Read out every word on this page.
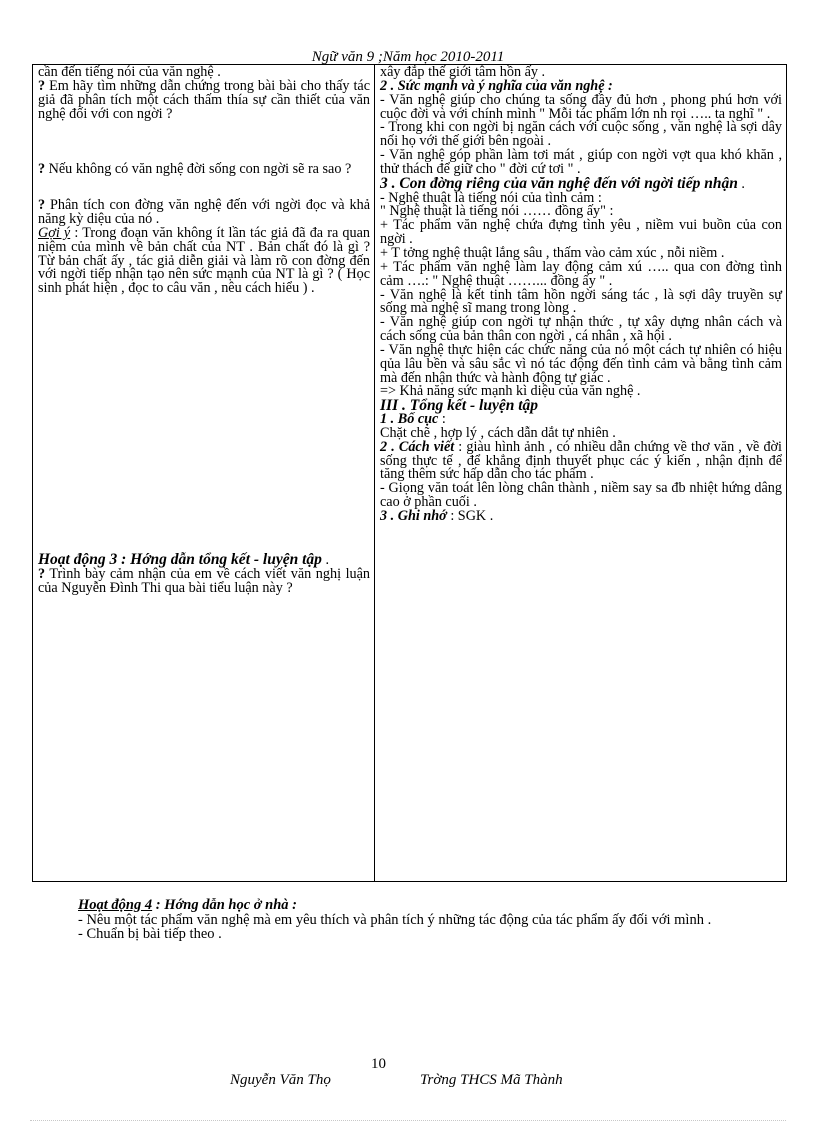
Ngữ văn 9 ;Năm học 2010-2011

cần đến tiếng nói của văn nghệ .

? Em hãy tìm những dẫn chứng trong bài bài cho thấy tác giả đã phân tích một cách thấm thía sự cần thiết của văn nghệ đối với con ngời ?

? Nếu không có văn nghệ đời sống con ngời sẽ ra sao ?

? Phân tích con đờng văn nghệ đến với ngời đọc và khả năng kỳ diệu của nó .

Gợi ý : Trong đoạn văn không ít lần tác giả đã đa ra quan niệm của mình về bản chất của NT . Bản chất đó là gì ? Từ bản chất ấy , tác giả diễn giải và làm rõ con đờng đến với ngời tiếp nhận tạo nên sức mạnh của NT là gì ? ( Học sinh phát hiện , đọc to câu văn , nêu cách hiểu ) .

Hoạt động 3 : Hớng dẫn tổng kết - luyện tập .

? Trình bày cảm nhận của em về cách viết văn nghị luận của Nguyễn Đình Thi qua bài tiểu luận này ?

xây đắp thế giới tâm hồn ấy .

2 . Sức mạnh và ý nghĩa của văn nghệ :

- Văn nghệ giúp cho chúng ta sống đầy đủ hơn , phong phú hơn với cuộc đời và với chính mình " Mỗi tác phẩm lớn nh rọi ….. ta nghĩ " .

- Trong khi con ngời bị ngăn cách với cuộc sống , văn nghệ là sợi dây nối họ với thế giới bên ngoài .

- Văn nghệ góp phần làm tơi mát , giúp con ngời vợt qua khó khăn , thử thách để giữ cho " đời cứ tơi " .

3 . Con đờng riêng của văn nghệ đến với ngời tiếp nhận .

- Nghệ thuật là tiếng nói của tình cảm :

" Nghệ thuật là tiếng nói …… đồng ấy" :

+ Tác phẩm văn nghệ chứa đựng tình yêu , niềm vui buồn của con ngời .

+ T tởng nghệ thuật lắng sâu , thấm vào cảm xúc , nỗi niềm .

+ Tác phẩm văn nghệ làm lay động cảm xú ….. qua con đờng tình cảm ….: " Nghệ thuật ……... đồng ấy " .

- Văn nghệ là kết tinh tâm hồn ngời sáng tác , là sợi dây truyền sự sống mà nghệ sĩ mang trong lòng .

- Văn nghệ giúp con ngời tự nhận thức , tự xây dựng nhân cách và cách sống của bản thân con ngời , cá nhân , xã hội .

- Văn nghệ thực hiện các chức năng của nó một cách tự nhiên có hiệu qủa lâu bền và sâu sắc vì nó tác động đến tình cảm và bằng tình cảm mà đến nhận thức và hành động tự giác .

=> Khả năng sức mạnh kì diệu của văn nghệ .

III . Tổng kết - luyện tập

1 . Bố cục :

Chặt chẽ , hợp lý , cách dẫn dắt tự nhiên .

2 . Cách viết : giàu hình ảnh , có nhiều dẫn chứng về thơ văn , về đời sống thực tế , để khẳng định thuyết phục các ý kiến , nhận định để tăng thêm sức hấp dẫn cho tác phẩm .

- Giọng văn toát lên lòng chân thành , niềm say sa đb nhiệt hứng dâng cao ở phần cuối .

3 . Ghi nhớ : SGK .

Hoạt động 4 : Hớng dẫn học ở nhà :

- Nêu một tác phẩm văn nghệ mà em yêu thích và phân tích ý những tác động của tác phẩm ấy đối với mình .

- Chuẩn bị bài tiếp theo .

10
Nguyễn Văn Thọ	Trờng THCS Mã Thành
